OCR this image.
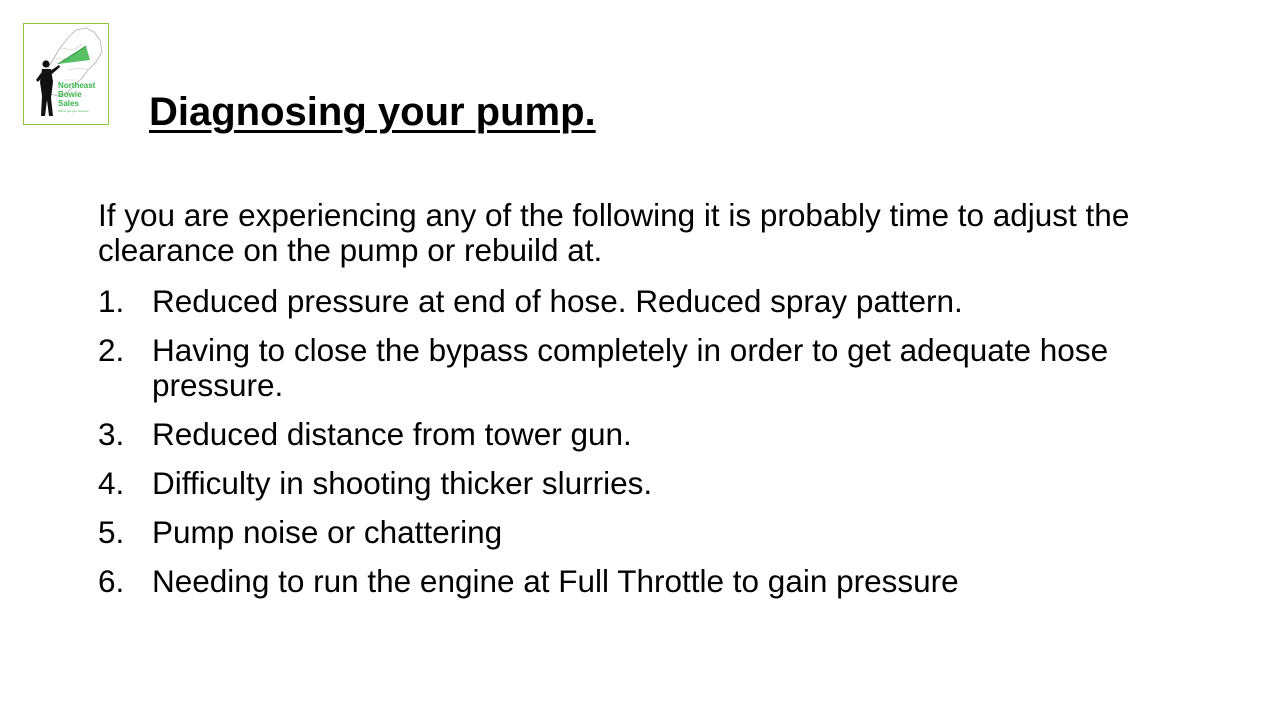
Northeast
Bowie
Sales
We've got you covered Diagnosing your pump.

If you are experiencing any of the following it is probably time to adjust the clearance on the pump or rebuild at.

1. Reduced pressure at end of hose. Reduced spray pattern.
2. Having to close the bypass completely in order to get adequate hose pressure.
3. Reduced distance from tower gun.
4. Difficulty in shooting thicker slurries.
5. Pump noise or chattering
6. Needing to run the engine at Full Throttle to gain pressure
